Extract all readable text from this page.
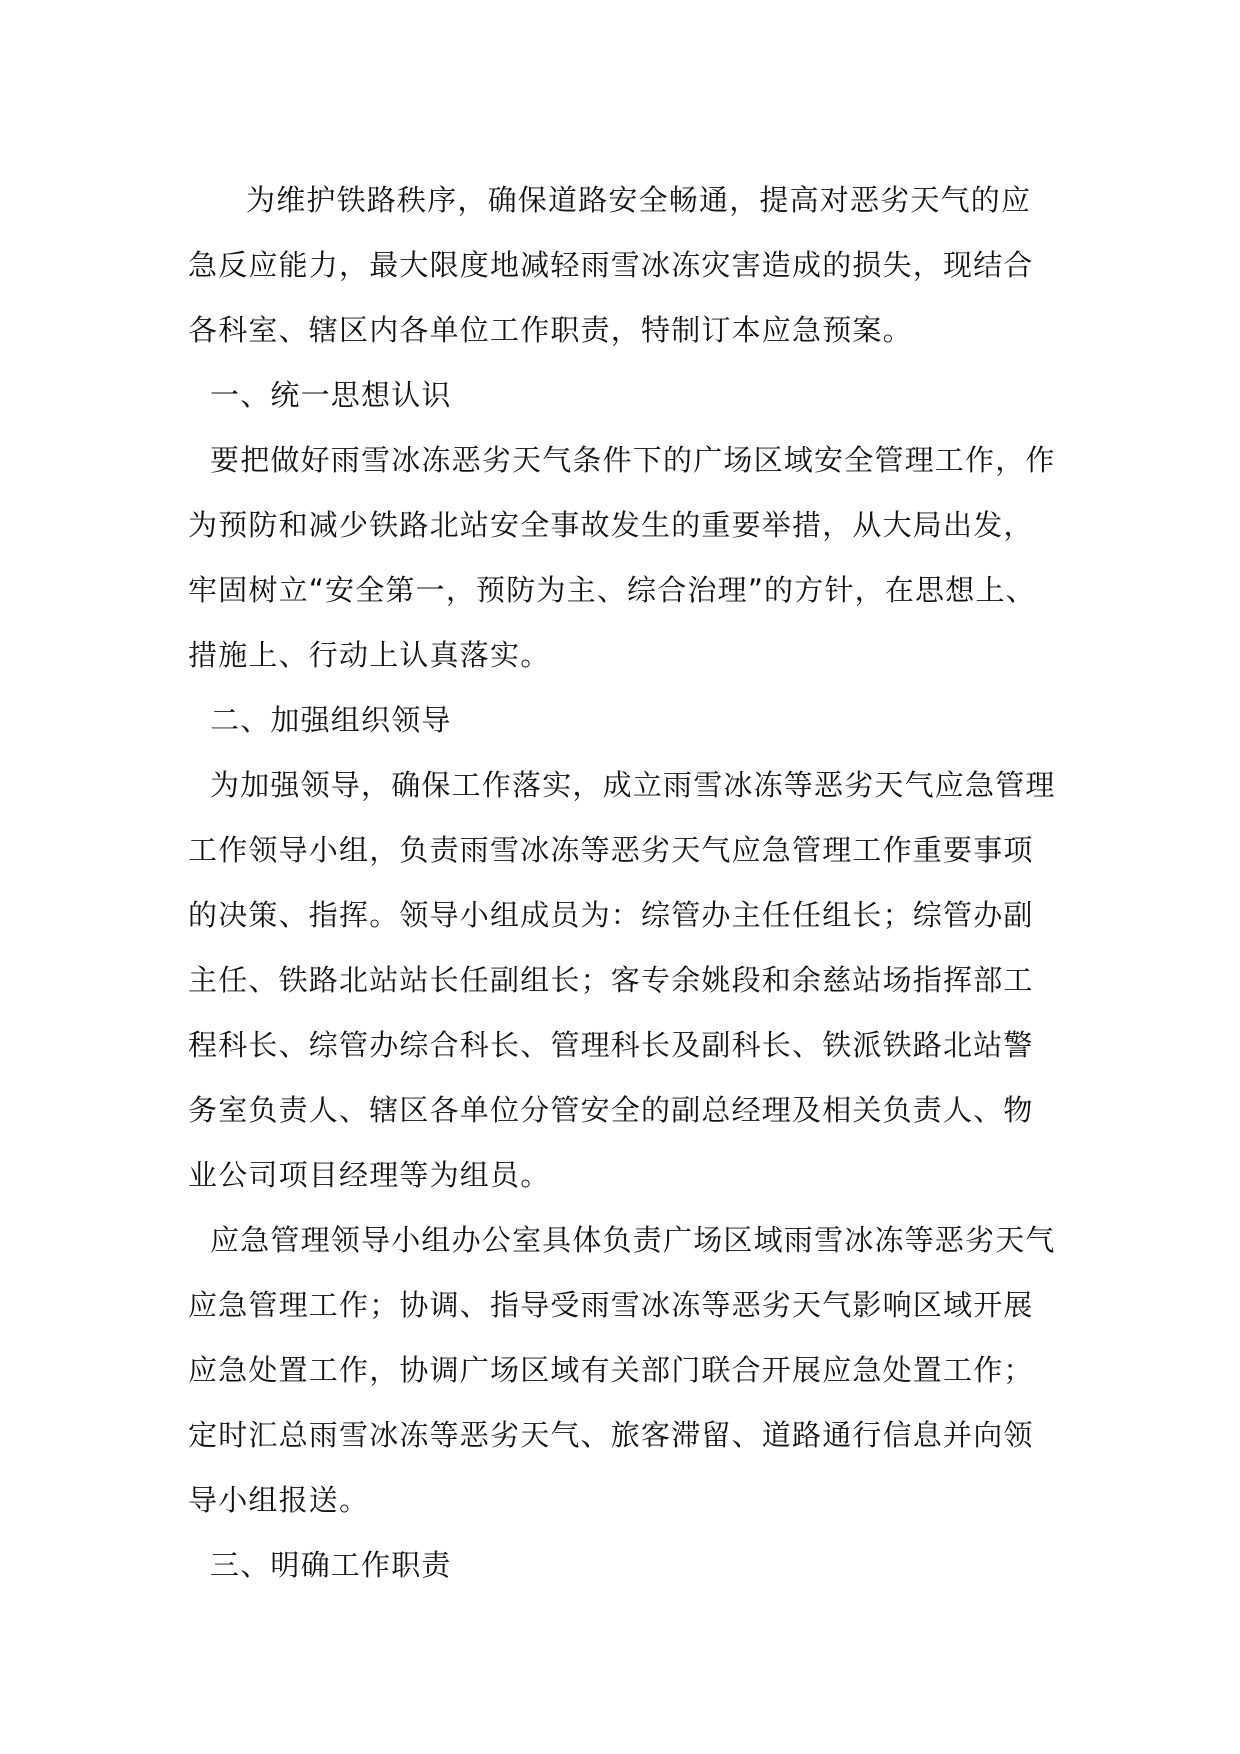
为维护铁路秩序，确保道路安全畅通，提高对恶劣天气的应
急反应能力，最大限度地减轻雨雪冰冻灾害造成的损失，现结合
各科室、辖区内各单位工作职责，特制订本应急预案。
一、统一思想认识
要把做好雨雪冰冻恶劣天气条件下的广场区域安全管理工作，作
为预防和减少铁路北站安全事故发生的重要举措，从大局出发，
牢固树立“安全第一，预防为主、综合治理”的方针，在思想上、
措施上、行动上认真落实。
二、加强组织领导
为加强领导，确保工作落实，成立雨雪冰冻等恶劣天气应急管理
工作领导小组，负责雨雪冰冻等恶劣天气应急管理工作重要事项
的决策、指挥。领导小组成员为：综管办主任任组长；综管办副
主任、铁路北站站长任副组长；客专余姚段和余慈站场指挥部工
程科长、综管办综合科长、管理科长及副科长、铁派铁路北站警
务室负责人、辖区各单位分管安全的副总经理及相关负责人、物
业公司项目经理等为组员。
应急管理领导小组办公室具体负责广场区域雨雪冰冻等恶劣天气
应急管理工作；协调、指导受雨雪冰冻等恶劣天气影响区域开展
应急处置工作，协调广场区域有关部门联合开展应急处置工作；
定时汇总雨雪冰冻等恶劣天气、旅客滞留、道路通行信息并向领
导小组报送。
三、明确工作职责
